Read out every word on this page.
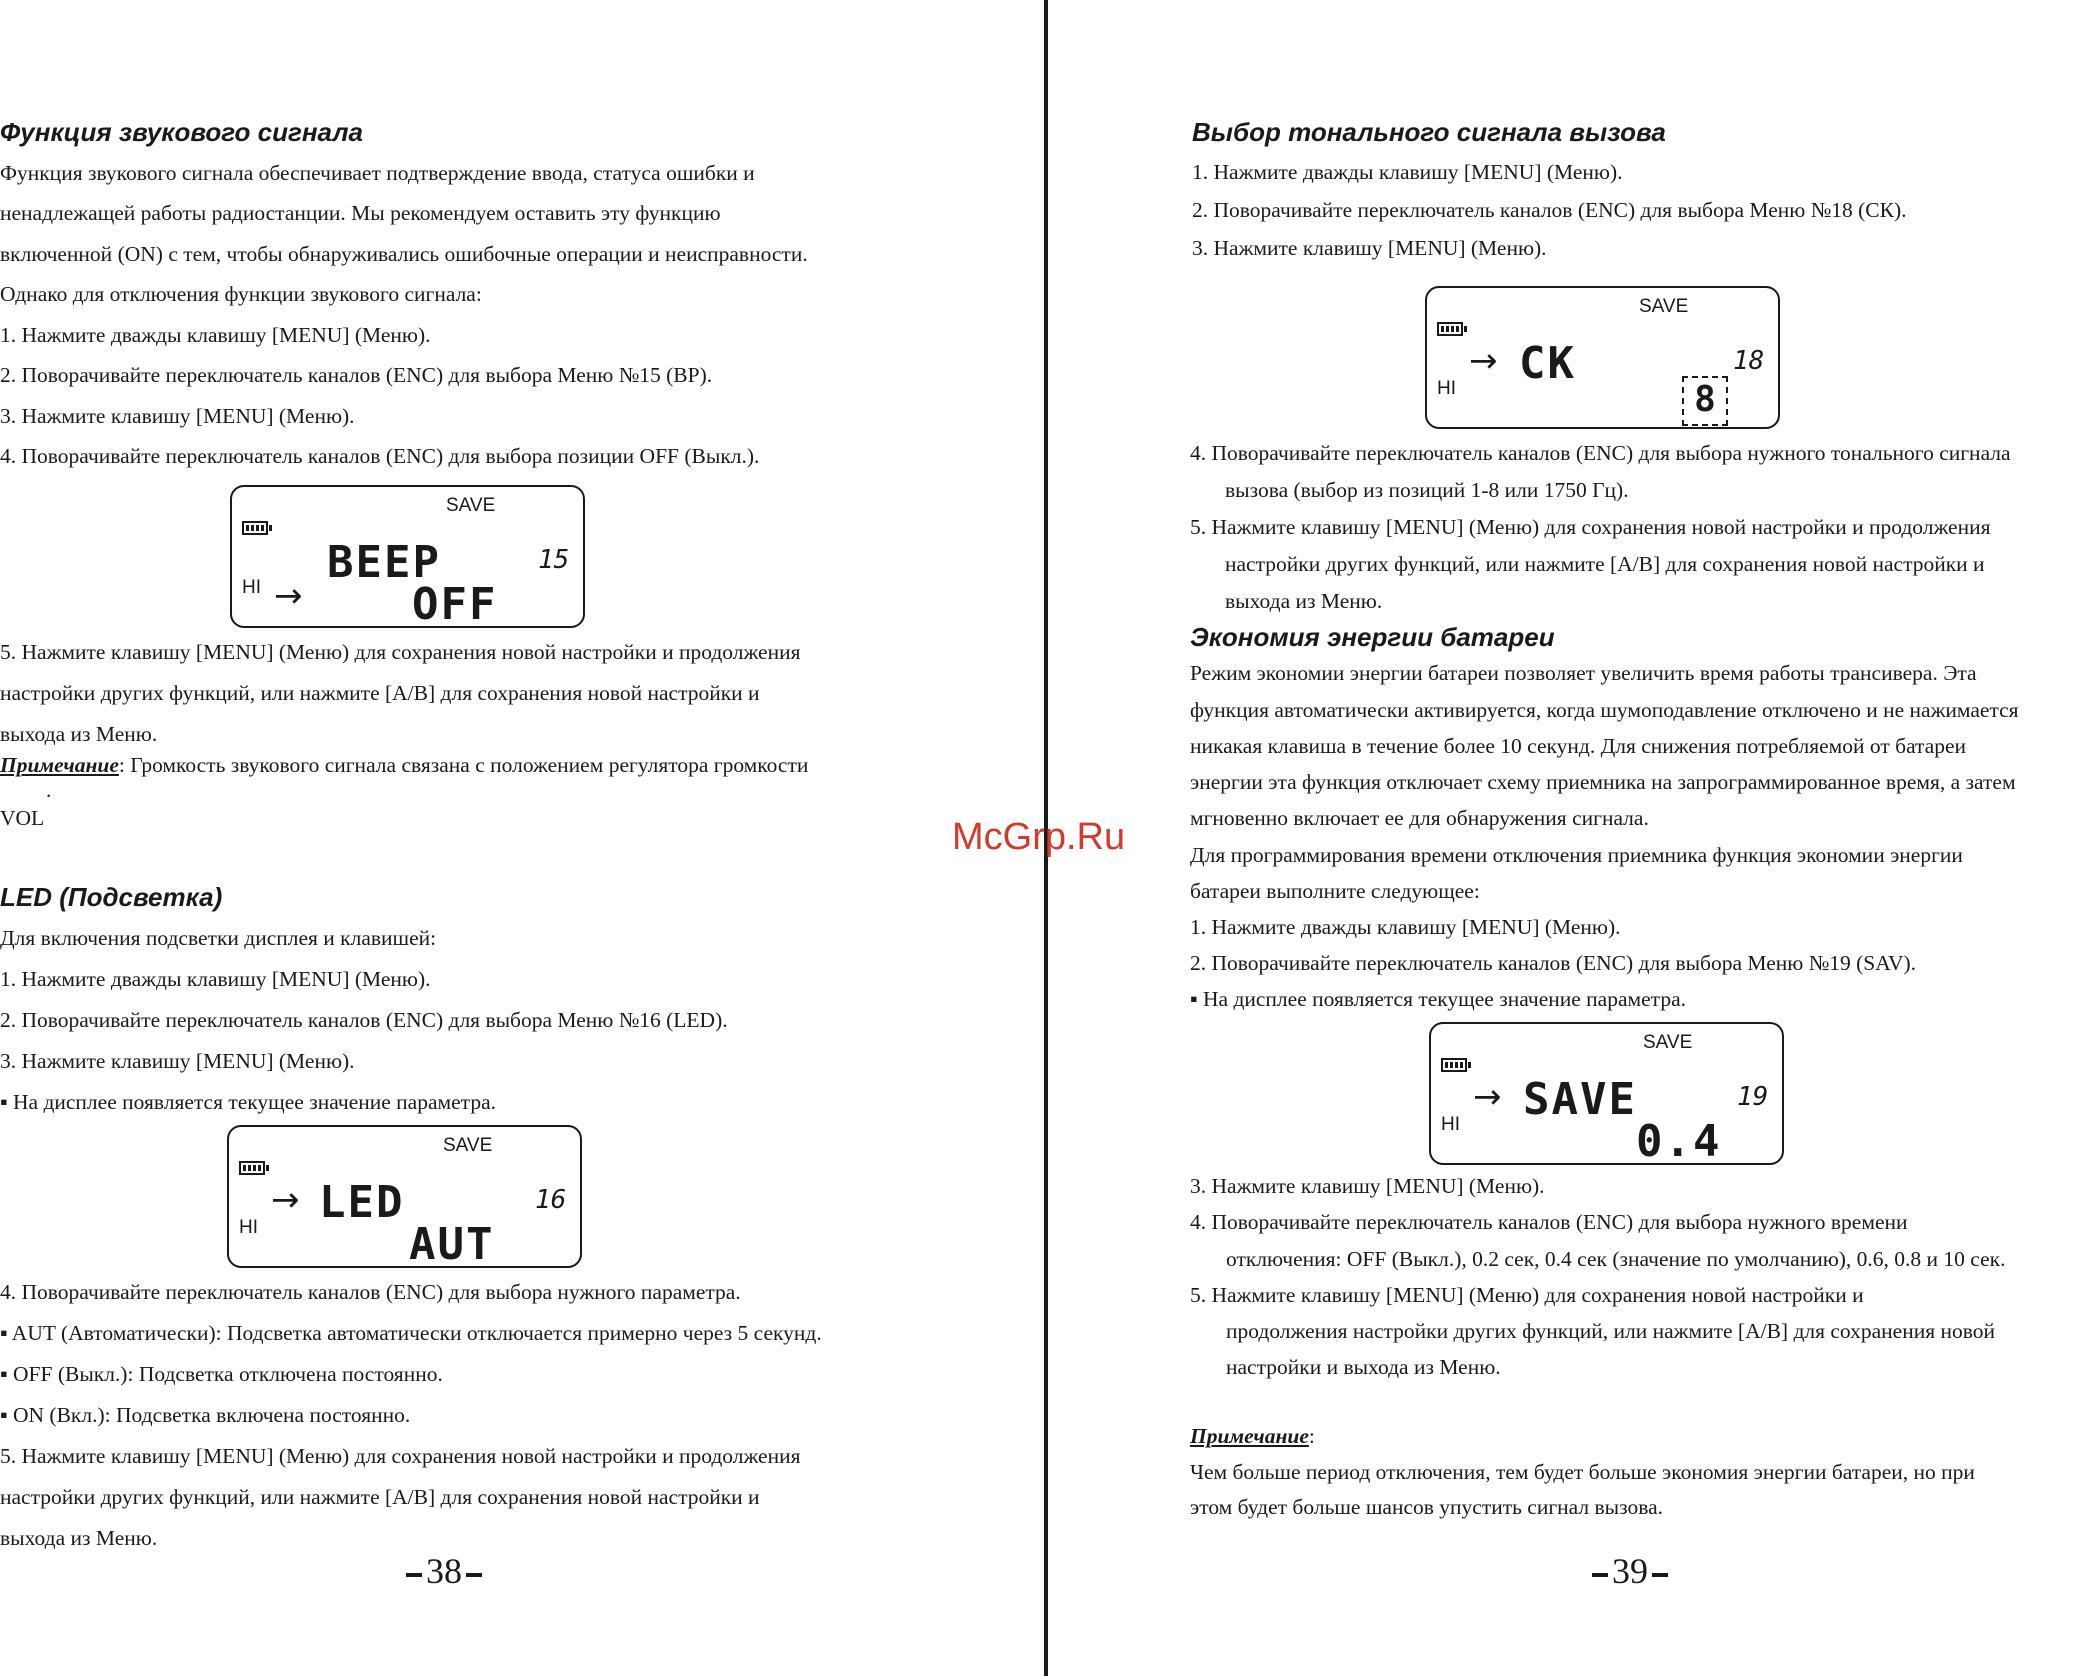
Функция звукового сигнала
Функция звукового сигнала обеспечивает подтверждение ввода, статуса ошибки и
ненадлежащей работы радиостанции. Мы рекомендуем оставить эту функцию
включенной (ON) с тем, чтобы обнаруживались ошибочные операции и неисправности.
Однако для отключения функции звукового сигнала:
1. Нажмите дважды клавишу [MENU] (Меню).
2. Поворачивайте переключатель каналов (ENC) для выбора Меню №15 (BP).
3. Нажмите клавишу [MENU] (Меню).
4. Поворачивайте переключатель каналов (ENC) для выбора позиции OFF (Выкл.).
SAVE
HI →
BEEP
OFF
15
5. Нажмите клавишу [MENU] (Меню) для сохранения новой настройки и продолжения
настройки других функций, или нажмите [A/B] для сохранения новой настройки и
выхода из Меню.
Примечание: Громкость звукового сигнала связана с положением регулятора громкости
.
VOL
LED (Подсветка)
Для включения подсветки дисплея и клавишей:
1. Нажмите дважды клавишу [MENU] (Меню).
2. Поворачивайте переключатель каналов (ENC) для выбора Меню №16 (LED).
3. Нажмите клавишу [MENU] (Меню).
▪ На дисплее появляется текущее значение параметра.
SAVE
HI
→ LED
AUT
16
4. Поворачивайте переключатель каналов (ENC) для выбора нужного параметра.
▪ AUT (Автоматически): Подсветка автоматически отключается примерно через 5 секунд.
▪ OFF (Выкл.): Подсветка отключена постоянно.
▪ ON (Вкл.): Подсветка включена постоянно.
5. Нажмите клавишу [MENU] (Меню) для сохранения новой настройки и продолжения
настройки других функций, или нажмите [A/B] для сохранения новой настройки и
выхода из Меню.
38
Выбор тонального сигнала вызова
1. Нажмите дважды клавишу [MENU] (Меню).
2. Поворачивайте переключатель каналов (ENC) для выбора Меню №18 (СК).
3. Нажмите клавишу [MENU] (Меню).
SAVE
HI
→ CK	18
8
4. Поворачивайте переключатель каналов (ENC) для выбора нужного тонального сигнала
вызова (выбор из позиций 1-8 или 1750 Гц).
5. Нажмите клавишу [MENU] (Меню) для сохранения новой настройки и продолжения
настройки других функций, или нажмите [A/B] для сохранения новой настройки и
выхода из Меню.
Экономия энергии батареи
Режим экономии энергии батареи позволяет увеличить время работы трансивера. Эта
функция автоматически активируется, когда шумоподавление отключено и не нажимается
никакая клавиша в течение более 10 секунд. Для снижения потребляемой от батареи
энергии эта функция отключает схему приемника на запрограммированное время, а затем
мгновенно включает ее для обнаружения сигнала.
Для программирования времени отключения приемника функция экономии энергии
батареи выполните следующее:
1. Нажмите дважды клавишу [MENU] (Меню).
2. Поворачивайте переключатель каналов (ENC) для выбора Меню №19 (SAV).
▪ На дисплее появляется текущее значение параметра.
SAVE
HI
→ SAVE
0.4
19
3. Нажмите клавишу [MENU] (Меню).
4. Поворачивайте переключатель каналов (ENC) для выбора нужного времени
отключения: OFF (Выкл.), 0.2 сек, 0.4 сек (значение по умолчанию), 0.6, 0.8 и 10 сек.
5. Нажмите клавишу [MENU] (Меню) для сохранения новой настройки и
продолжения настройки других функций, или нажмите [A/B] для сохранения новой
настройки и выхода из Меню.
Примечание:
Чем больше период отключения, тем будет больше экономия энергии батареи, но при
этом будет больше шансов упустить сигнал вызова.
39
McGrp.Ru
